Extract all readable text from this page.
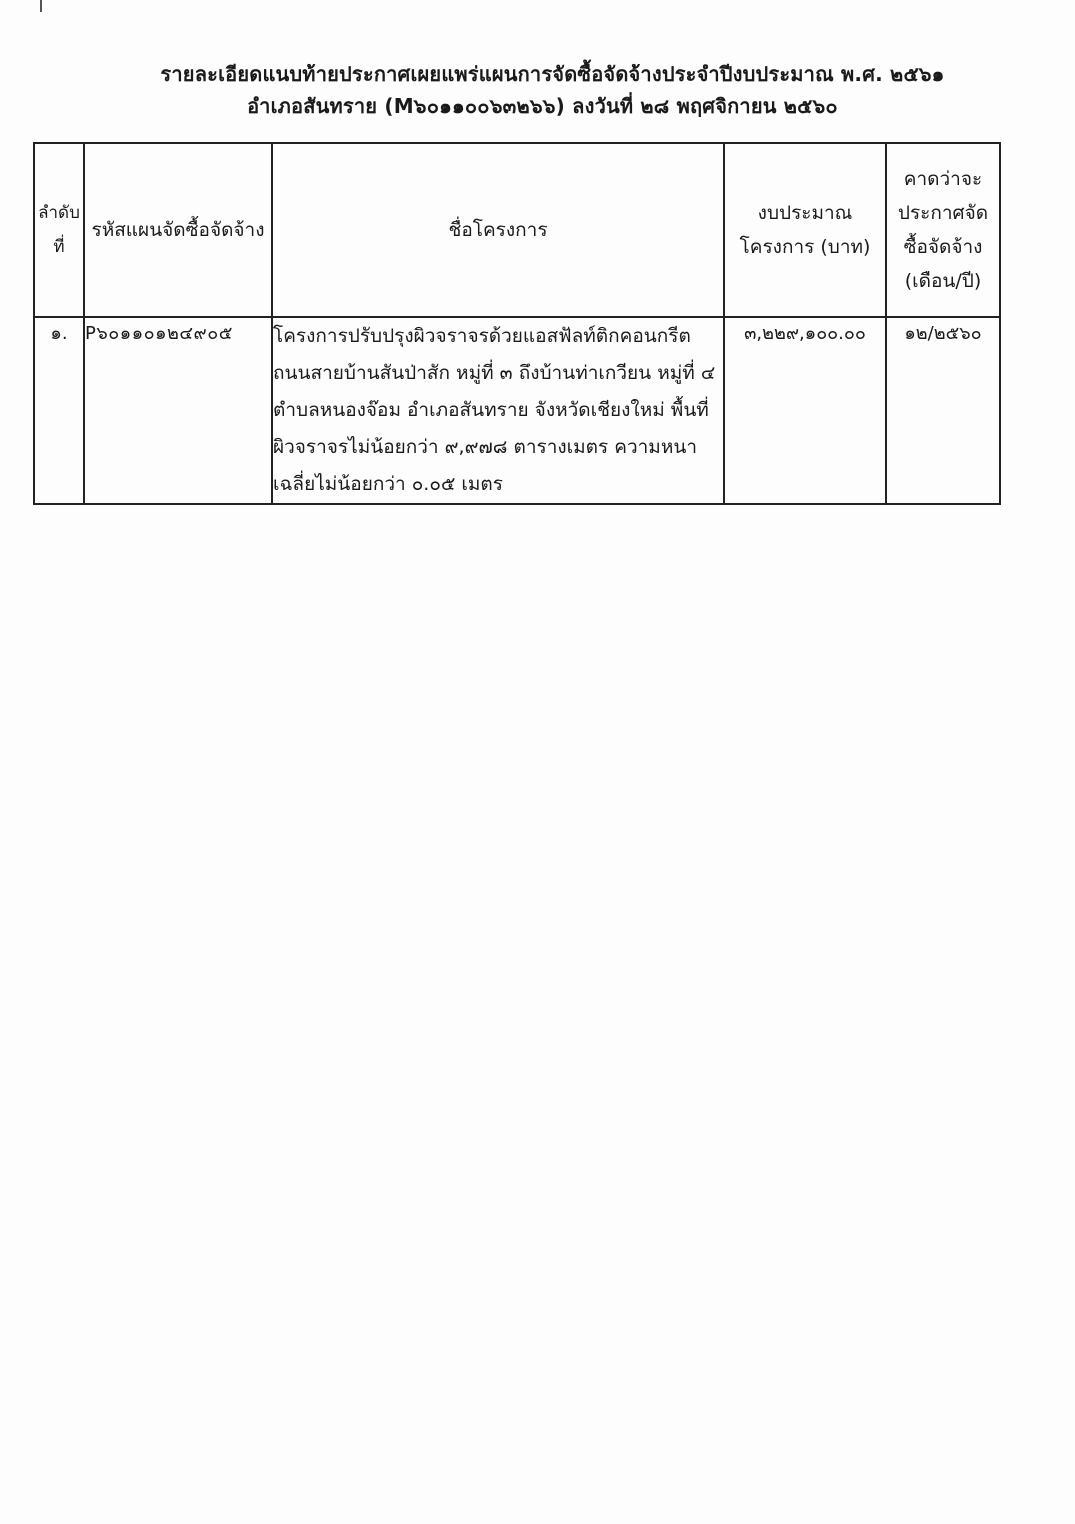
รายละเอียดแนบท้ายประกาศเผยแพร่แผนการจัดซื้อจัดจ้างประจำปีงบประมาณ พ.ศ. ๒๕๖๑
อำเภอสันทราย (M๖๐๑๑๐๐๖๓๒๖๖) ลงวันที่ ๒๘ พฤศจิกายน ๒๕๖๐
ลำดับที่	รหัสแผนจัดซื้อจัดจ้าง	ชื่อโครงการ	งบประมาณโครงการ (บาท)	คาดว่าจะประกาศจัดซื้อจัดจ้าง (เดือน/ปี)
๑.	P๖๐๑๑๐๑๒๔๙๐๕	โครงการปรับปรุงผิวจราจรด้วยแอสฟัลท์ติกคอนกรีต ถนนสายบ้านสันป่าสัก หมู่ที่ ๓ ถึงบ้านท่าเกวียน หมู่ที่ ๔ ตำบลหนองจ๊อม อำเภอสันทราย จังหวัดเชียงใหม่ พื้นที่ผิวจราจรไม่น้อยกว่า ๙,๙๗๘ ตารางเมตร ความหนาเฉลี่ยไม่น้อยกว่า ๐.๐๕ เมตร	๓,๒๒๙,๑๐๐.๐๐	๑๒/๒๕๖๐
